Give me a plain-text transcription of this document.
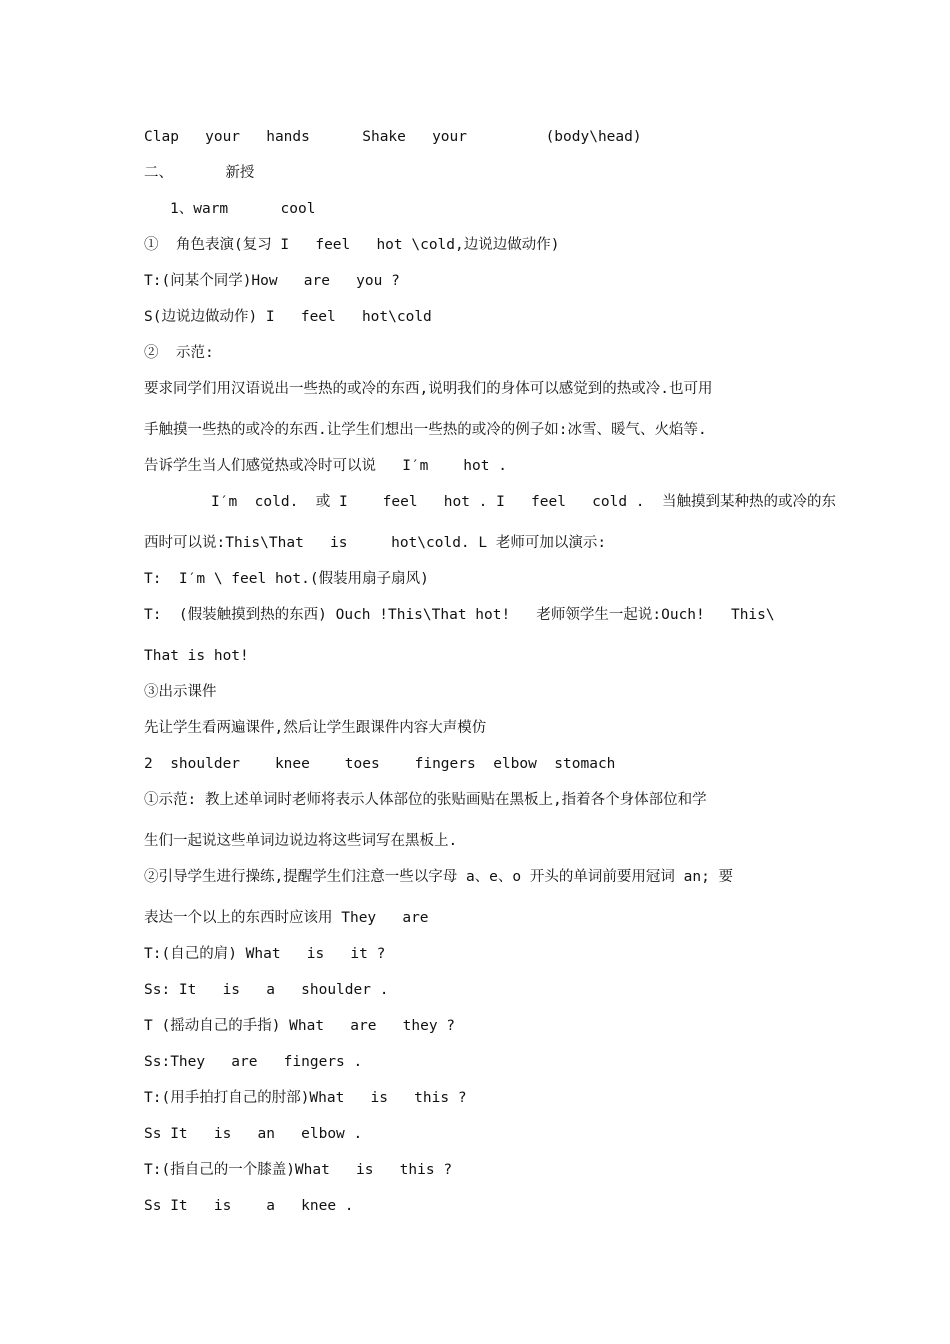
Clap   your   hands      Shake   your         (body\head)
二、      新授
1、warm      cool
①  角色表演(复习 I   feel   hot \cold,边说边做动作)
T:(问某个同学)How   are   you ?
S(边说边做动作) I   feel   hot\cold
②  示范:
要求同学们用汉语说出一些热的或冷的东西,说明我们的身体可以感觉到的热或冷.也可用
手触摸一些热的或冷的东西.让学生们想出一些热的或冷的例子如:冰雪、暖气、火焰等.
告诉学生当人们感觉热或冷时可以说   I′m    hot .
I′m  cold.  或 I    feel   hot . I   feel   cold .  当触摸到某种热的或冷的东
西时可以说:This\That   is     hot\cold. L 老师可加以演示:
T:  I′m \ feel hot.(假装用扇子扇风)
T:  (假装触摸到热的东西) Ouch !This\That hot!   老师领学生一起说:Ouch!   This\
That is hot!
③出示课件
先让学生看两遍课件,然后让学生跟课件内容大声模仿
2  shoulder    knee    toes    fingers  elbow  stomach
①示范: 教上述单词时老师将表示人体部位的张贴画贴在黑板上,指着各个身体部位和学
生们一起说这些单词边说边将这些词写在黑板上.
②引导学生进行操练,提醒学生们注意一些以字母 a、e、o 开头的单词前要用冠词 an; 要
表达一个以上的东西时应该用 They   are
T:(自己的肩) What   is   it ?
Ss: It   is   a   shoulder .
T (摇动自己的手指) What   are   they ?
Ss:They   are   fingers .
T:(用手拍打自己的肘部)What   is   this ?
Ss It   is   an   elbow .
T:(指自己的一个膝盖)What   is   this ?
Ss It   is    a   knee .
